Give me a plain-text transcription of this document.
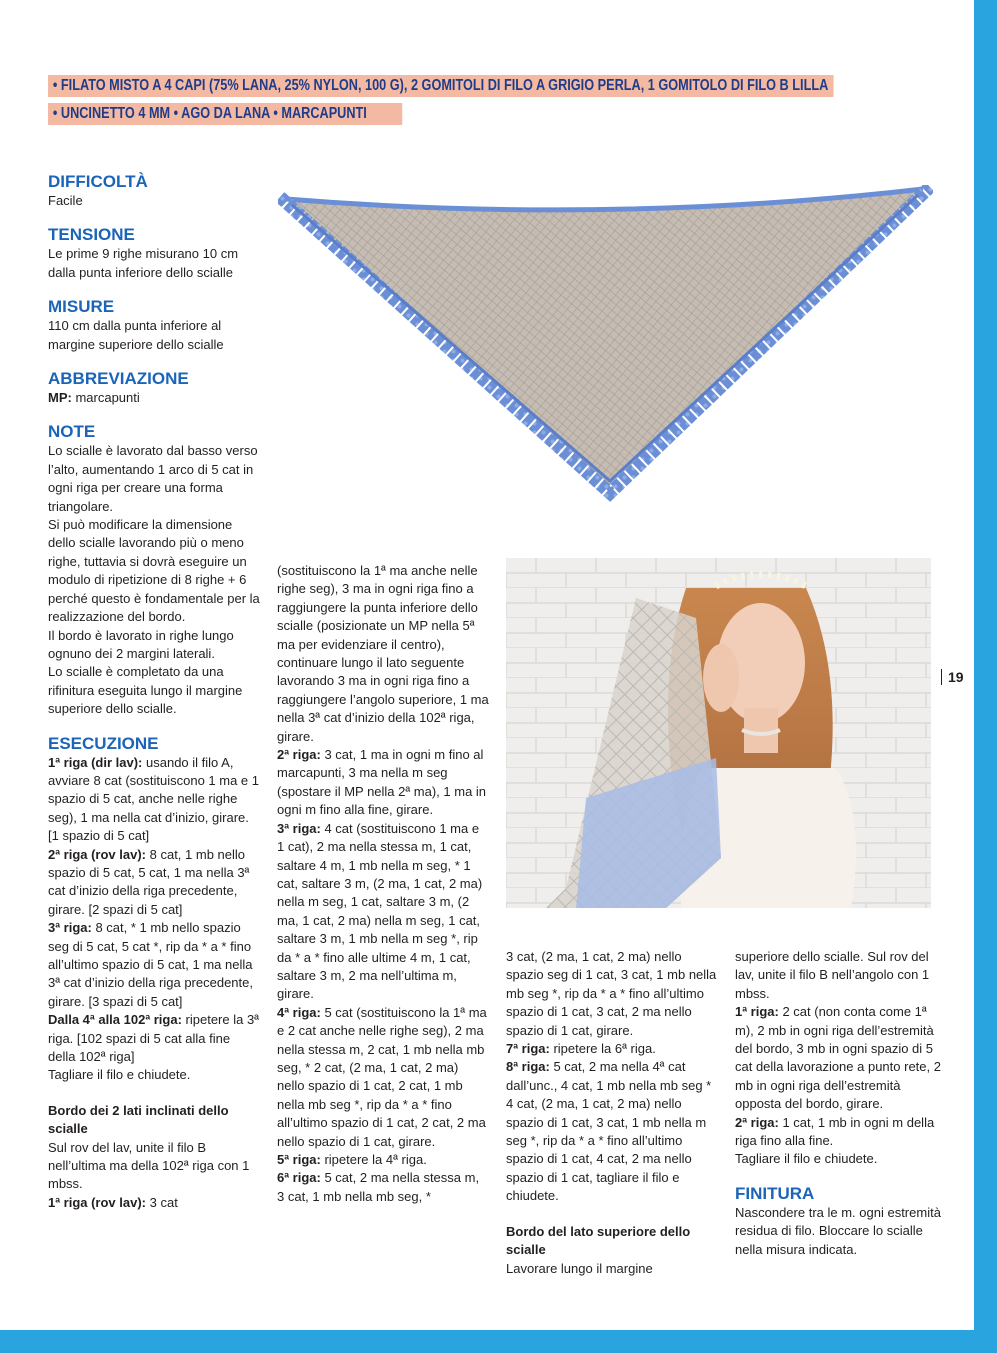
• FILATO MISTO A 4 CAPI (75% LANA, 25% NYLON, 100 G), 2 GOMITOLI DI FILO A GRIGIO PERLA, 1 GOMITOLO DI FILO B LILLA
• UNCINETTO 4 MM • AGO DA LANA • MARCAPUNTI
19

DIFFICOLTÀ

Facile

TENSIONE

Le prime 9 righe misurano 10 cm dalla punta inferiore dello scialle

MISURE

110 cm dalla punta inferiore al margine superiore dello scialle

ABBREVIAZIONE

MP: marcapunti

NOTE

Lo scialle è lavorato dal basso verso l’alto, aumentando 1 arco di 5 cat in ogni riga per creare una forma triangolare.

Si può modificare la dimensione dello scialle lavorando più o meno righe, tuttavia si dovrà eseguire un modulo di ripetizione di 8 righe + 6 perché questo è fondamentale per la realizzazione del bordo.

Il bordo è lavorato in righe lungo ognuno dei 2 margini laterali.

Lo scialle è completato da una rifinitura eseguita lungo il margine superiore dello scialle.

ESECUZIONE

1ª riga (dir lav): usando il filo A, avviare 8 cat (sostituiscono 1 ma e 1 spazio di 5 cat, anche nelle righe seg), 1 ma nella cat d’inizio, girare. [1 spazio di 5 cat]

2ª riga (rov lav): 8 cat, 1 mb nello spazio di 5 cat, 5 cat, 1 ma nella 3ª cat d’inizio della riga precedente, girare. [2 spazi di 5 cat]

3ª riga: 8 cat, * 1 mb nello spazio seg di 5 cat, 5 cat *, rip da * a * fino all’ultimo spazio di 5 cat, 1 ma nella 3ª cat d’inizio della riga precedente, girare. [3 spazi di 5 cat]

Dalla 4ª alla 102ª riga: ripetere la 3ª riga. [102 spazi di 5 cat alla fine della 102ª riga]

Tagliare il filo e chiudete.

Bordo dei 2 lati inclinati dello scialle

Sul rov del lav, unite il filo B nell’ultima ma della 102ª riga con 1 mbss.

1ª riga (rov lav): 3 cat

(sostituiscono la 1ª ma anche nelle righe seg), 3 ma in ogni riga fino a raggiungere la punta inferiore dello scialle (posizionate un MP nella 5ª ma per evidenziare il centro), continuare lungo il lato seguente lavorando 3 ma in ogni riga fino a raggiungere l’angolo superiore, 1 ma nella 3ª cat d’inizio della 102ª riga, girare.

2ª riga: 3 cat, 1 ma in ogni m fino al marcapunti, 3 ma nella m seg (spostare il MP nella 2ª ma), 1 ma in ogni m fino alla fine, girare.

3ª riga: 4 cat (sostituiscono 1 ma e 1 cat), 2 ma nella stessa m, 1 cat, saltare 4 m, 1 mb nella m seg, * 1 cat, saltare 3 m, (2 ma, 1 cat, 2 ma) nella m seg, 1 cat, saltare 3 m, (2 ma, 1 cat, 2 ma) nella m seg, 1 cat, saltare 3 m, 1 mb nella m seg *, rip da * a * fino alle ultime 4 m, 1 cat, saltare 3 m, 2 ma nell’ultima m, girare.

4ª riga: 5 cat (sostituiscono la 1ª ma e 2 cat anche nelle righe seg), 2 ma nella stessa m, 2 cat, 1 mb nella mb seg, * 2 cat, (2 ma, 1 cat, 2 ma) nello spazio di 1 cat, 2 cat, 1 mb nella mb seg *, rip da * a * fino all’ultimo spazio di 1 cat, 2 cat, 2 ma nello spazio di 1 cat, girare.

5ª riga: ripetere la 4ª riga.

6ª riga: 5 cat, 2 ma nella stessa m, 3 cat, 1 mb nella mb seg, *

3 cat, (2 ma, 1 cat, 2 ma) nello spazio seg di 1 cat, 3 cat, 1 mb nella mb seg *, rip da * a * fino all’ultimo spazio di 1 cat, 3 cat, 2 ma nello spazio di 1 cat, girare.

7ª riga: ripetere la 6ª riga.

8ª riga: 5 cat, 2 ma nella 4ª cat dall’unc., 4 cat, 1 mb nella mb seg * 4 cat, (2 ma, 1 cat, 2 ma) nello spazio di 1 cat, 3 cat, 1 mb nella m seg *, rip da * a * fino all’ultimo spazio di 1 cat, 4 cat, 2 ma nello spazio di 1 cat, tagliare il filo e chiudete.

Bordo del lato superiore dello scialle

Lavorare lungo il margine

superiore dello scialle. Sul rov del lav, unite il filo B nell’angolo con 1 mbss.

1ª riga: 2 cat (non conta come 1ª m), 2 mb in ogni riga dell’estremità del bordo, 3 mb in ogni spazio di 5 cat della lavorazione a punto rete, 2 mb in ogni riga dell’estremità opposta del bordo, girare.

2ª riga: 1 cat, 1 mb in ogni m della riga fino alla fine.

Tagliare il filo e chiudete.

FINITURA

Nascondere tra le m. ogni estremità residua di filo. Bloccare lo scialle nella misura indicata.
